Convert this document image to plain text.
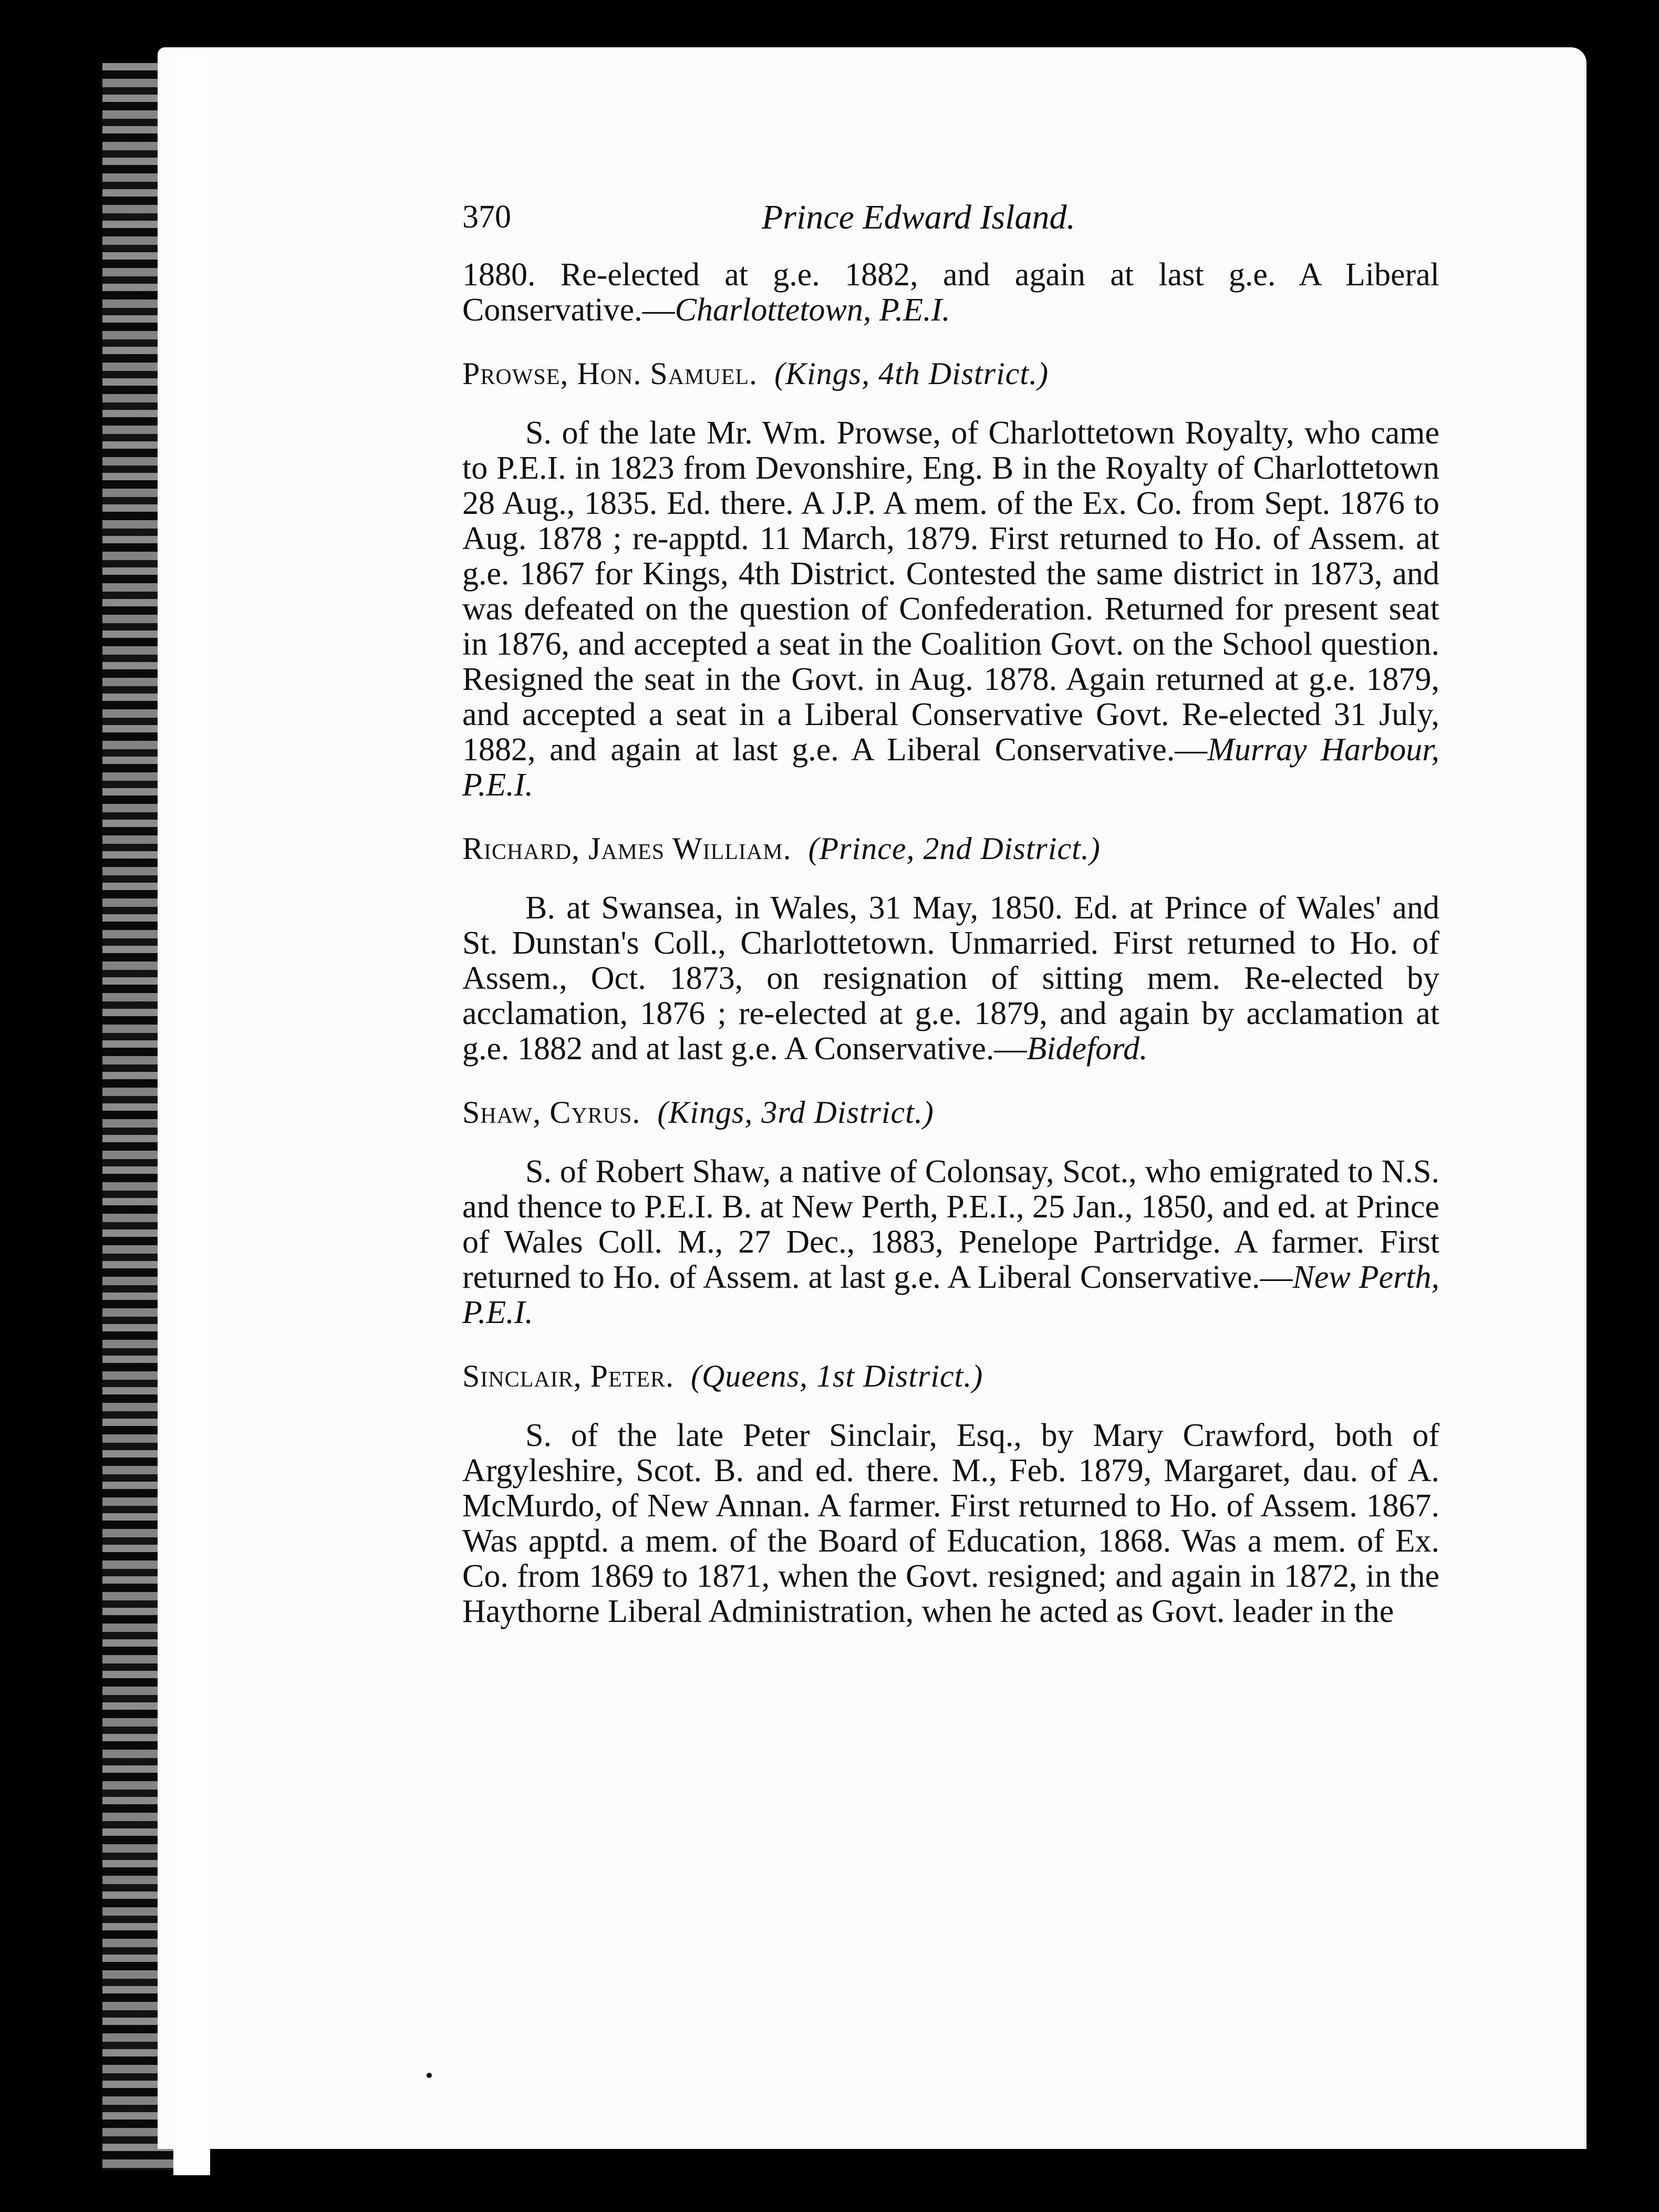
370	Prince Edward Island.

1880. Re-elected at g.e. 1882, and again at last g.e. A Liberal Conservative.—Charlottetown, P.E.I.

Prowse, Hon. Samuel. (Kings, 4th District.)

S. of the late Mr. Wm. Prowse, of Charlottetown Royalty, who came to P.E.I. in 1823 from Devonshire, Eng. B in the Royalty of Charlottetown 28 Aug., 1835. Ed. there. A J.P. A mem. of the Ex. Co. from Sept. 1876 to Aug. 1878 ; re-apptd. 11 March, 1879. First returned to Ho. of Assem. at g.e. 1867 for Kings, 4th District. Contested the same district in 1873, and was defeated on the question of Confederation. Returned for present seat in 1876, and accepted a seat in the Coalition Govt. on the School question. Resigned the seat in the Govt. in Aug. 1878. Again returned at g.e. 1879, and accepted a seat in a Liberal Conservative Govt. Re-elected 31 July, 1882, and again at last g.e. A Liberal Conservative.—Murray Harbour, P.E.I.

Richard, James William. (Prince, 2nd District.)

B. at Swansea, in Wales, 31 May, 1850. Ed. at Prince of Wales' and St. Dunstan's Coll., Charlottetown. Unmarried. First returned to Ho. of Assem., Oct. 1873, on resignation of sitting mem. Re-elected by acclamation, 1876 ; re-elected at g.e. 1879, and again by acclamation at g.e. 1882 and at last g.e. A Conservative.—Bideford.

Shaw, Cyrus. (Kings, 3rd District.)

S. of Robert Shaw, a native of Colonsay, Scot., who emigrated to N.S. and thence to P.E.I. B. at New Perth, P.E.I., 25 Jan., 1850, and ed. at Prince of Wales Coll. M., 27 Dec., 1883, Penelope Partridge. A farmer. First returned to Ho. of Assem. at last g.e. A Liberal Conservative.—New Perth, P.E.I.

Sinclair, Peter. (Queens, 1st District.)

S. of the late Peter Sinclair, Esq., by Mary Crawford, both of Argyleshire, Scot. B. and ed. there. M., Feb. 1879, Margaret, dau. of A. McMurdo, of New Annan. A farmer. First returned to Ho. of Assem. 1867. Was apptd. a mem. of the Board of Education, 1868. Was a mem. of Ex. Co. from 1869 to 1871, when the Govt. resigned; and again in 1872, in the Haythorne Liberal Administration, when he acted as Govt. leader in the
